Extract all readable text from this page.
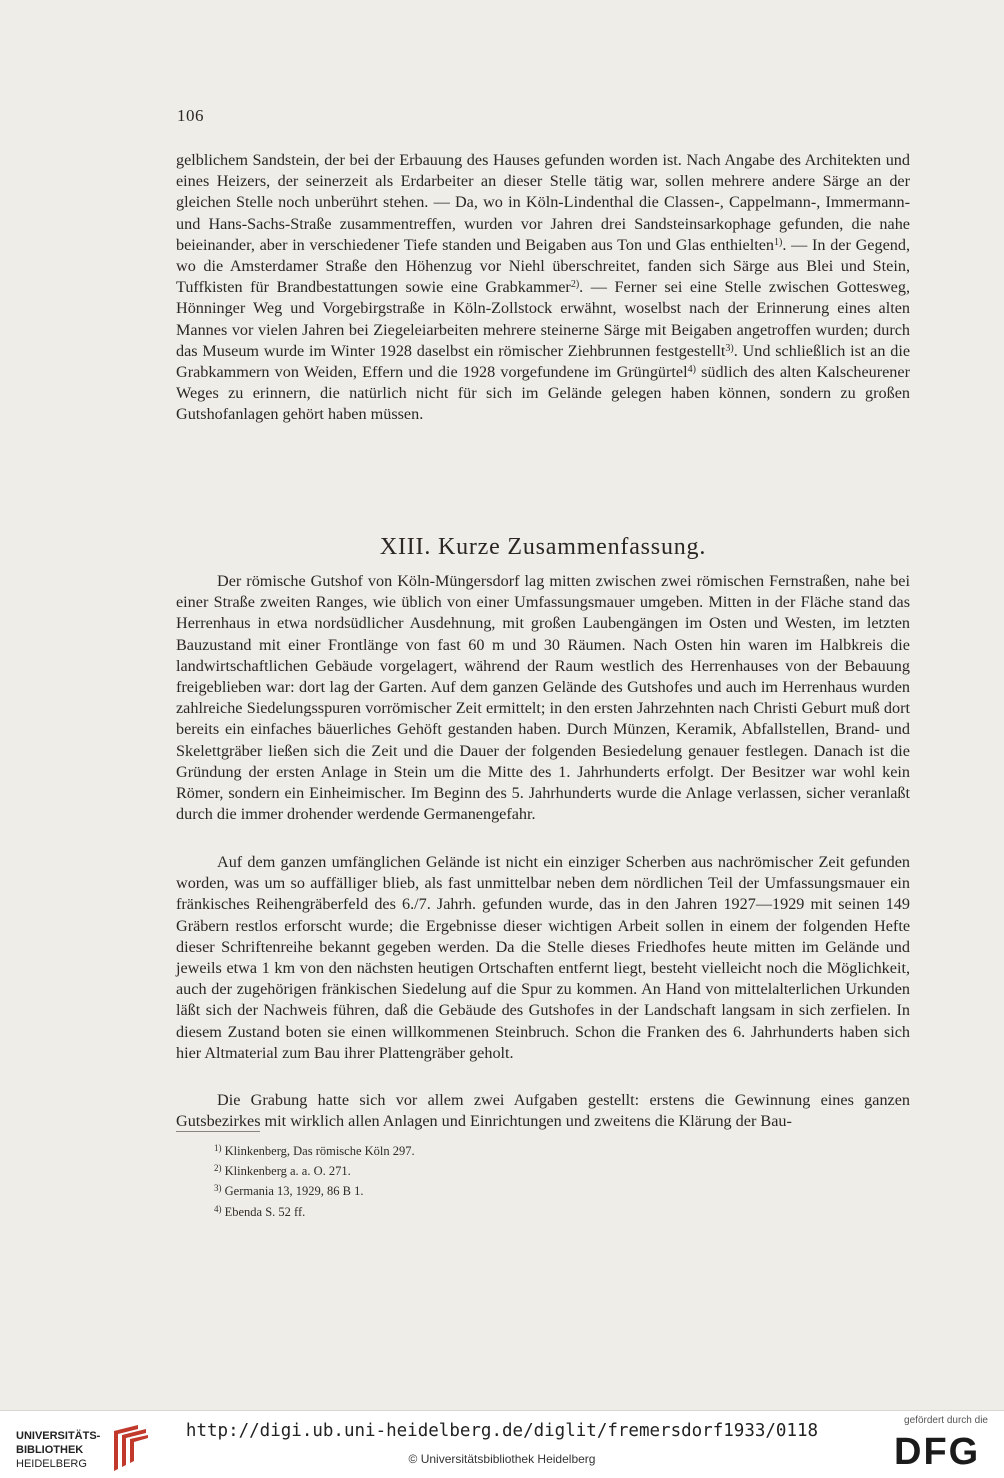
106

gelblichem Sandstein, der bei der Erbauung des Hauses gefunden worden ist. Nach Angabe des Architekten und eines Heizers, der seinerzeit als Erdarbeiter an dieser Stelle tätig war, sollen mehrere andere Särge an der gleichen Stelle noch unberührt stehen. — Da, wo in Köln-Lindenthal die Classen-, Cappelmann-, Immermann- und Hans-Sachs-Straße zusammentreffen, wurden vor Jahren drei Sandsteinsarkophage gefunden, die nahe beieinander, aber in verschiedener Tiefe standen und Beigaben aus Ton und Glas enthielten$^{1)}$. — In der Gegend, wo die Amsterdamer Straße den Höhenzug vor Niehl überschreitet, fanden sich Särge aus Blei und Stein, Tuffkisten für Brandbestattungen sowie eine Grabkammer$^{2)}$. — Ferner sei eine Stelle zwischen Gottesweg, Hönninger Weg und Vorgebirgstraße in Köln-Zollstock erwähnt, woselbst nach der Erinnerung eines alten Mannes vor vielen Jahren bei Ziegeleiarbeiten mehrere steinerne Särge mit Beigaben angetroffen wurden; durch das Museum wurde im Winter 1928 daselbst ein römischer Ziehbrunnen festgestellt$^{3)}$. Und schließlich ist an die Grabkammern von Weiden, Effern und die 1928 vorgefundene im Grüngürtel$^{4)}$ südlich des alten Kalscheurener Weges zu erinnern, die natürlich nicht für sich im Gelände gelegen haben können, sondern zu großen Gutshofanlagen gehört haben müssen.

XIII. Kurze Zusammenfassung.

Der römische Gutshof von Köln-Müngersdorf lag mitten zwischen zwei römischen Fernstraßen, nahe bei einer Straße zweiten Ranges, wie üblich von einer Umfassungsmauer umgeben. Mitten in der Fläche stand das Herrenhaus in etwa nordsüdlicher Ausdehnung, mit großen Laubengängen im Osten und Westen, im letzten Bauzustand mit einer Frontlänge von fast 60 m und 30 Räumen. Nach Osten hin waren im Halbkreis die landwirtschaftlichen Gebäude vorgelagert, während der Raum westlich des Herrenhauses von der Bebauung freigeblieben war: dort lag der Garten. Auf dem ganzen Gelände des Gutshofes und auch im Herrenhaus wurden zahlreiche Siedelungsspuren vorrömischer Zeit ermittelt; in den ersten Jahrzehnten nach Christi Geburt muß dort bereits ein einfaches bäuerliches Gehöft gestanden haben. Durch Münzen, Keramik, Abfallstellen, Brand- und Skelettgräber ließen sich die Zeit und die Dauer der folgenden Besiedelung genauer festlegen. Danach ist die Gründung der ersten Anlage in Stein um die Mitte des 1. Jahrhunderts erfolgt. Der Besitzer war wohl kein Römer, sondern ein Einheimischer. Im Beginn des 5. Jahrhunderts wurde die Anlage verlassen, sicher veranlaßt durch die immer drohender werdende Germanengefahr.

Auf dem ganzen umfänglichen Gelände ist nicht ein einziger Scherben aus nachrömischer Zeit gefunden worden, was um so auffälliger blieb, als fast unmittelbar neben dem nördlichen Teil der Umfassungsmauer ein fränkisches Reihengräberfeld des 6./7. Jahrh. gefunden wurde, das in den Jahren 1927—1929 mit seinen 149 Gräbern restlos erforscht wurde; die Ergebnisse dieser wichtigen Arbeit sollen in einem der folgenden Hefte dieser Schriftenreihe bekannt gegeben werden. Da die Stelle dieses Friedhofes heute mitten im Gelände und jeweils etwa 1 km von den nächsten heutigen Ortschaften entfernt liegt, besteht vielleicht noch die Möglichkeit, auch der zugehörigen fränkischen Siedelung auf die Spur zu kommen. An Hand von mittelalterlichen Urkunden läßt sich der Nachweis führen, daß die Gebäude des Gutshofes in der Landschaft langsam in sich zerfielen. In diesem Zustand boten sie einen willkommenen Steinbruch. Schon die Franken des 6. Jahrhunderts haben sich hier Altmaterial zum Bau ihrer Plattengräber geholt.

Die Grabung hatte sich vor allem zwei Aufgaben gestellt: erstens die Gewinnung eines ganzen Gutsbezirkes mit wirklich allen Anlagen und Einrichtungen und zweitens die Klärung der Bau-

$^{1)}$ Klinkenberg, Das römische Köln 297.
$^{2)}$ Klinkenberg a. a. O. 271.
$^{3)}$ Germania 13, 1929, 86 B 1.
$^{4)}$ Ebenda S. 52 ff.
UNIVERSITÄTS-
BIBLIOTHEK
HEIDELBERG
http://digi.ub.uni-heidelberg.de/diglit/fremersdorf1933/0118
© Universitätsbibliothek Heidelberg
gefördert durch die
DFG
